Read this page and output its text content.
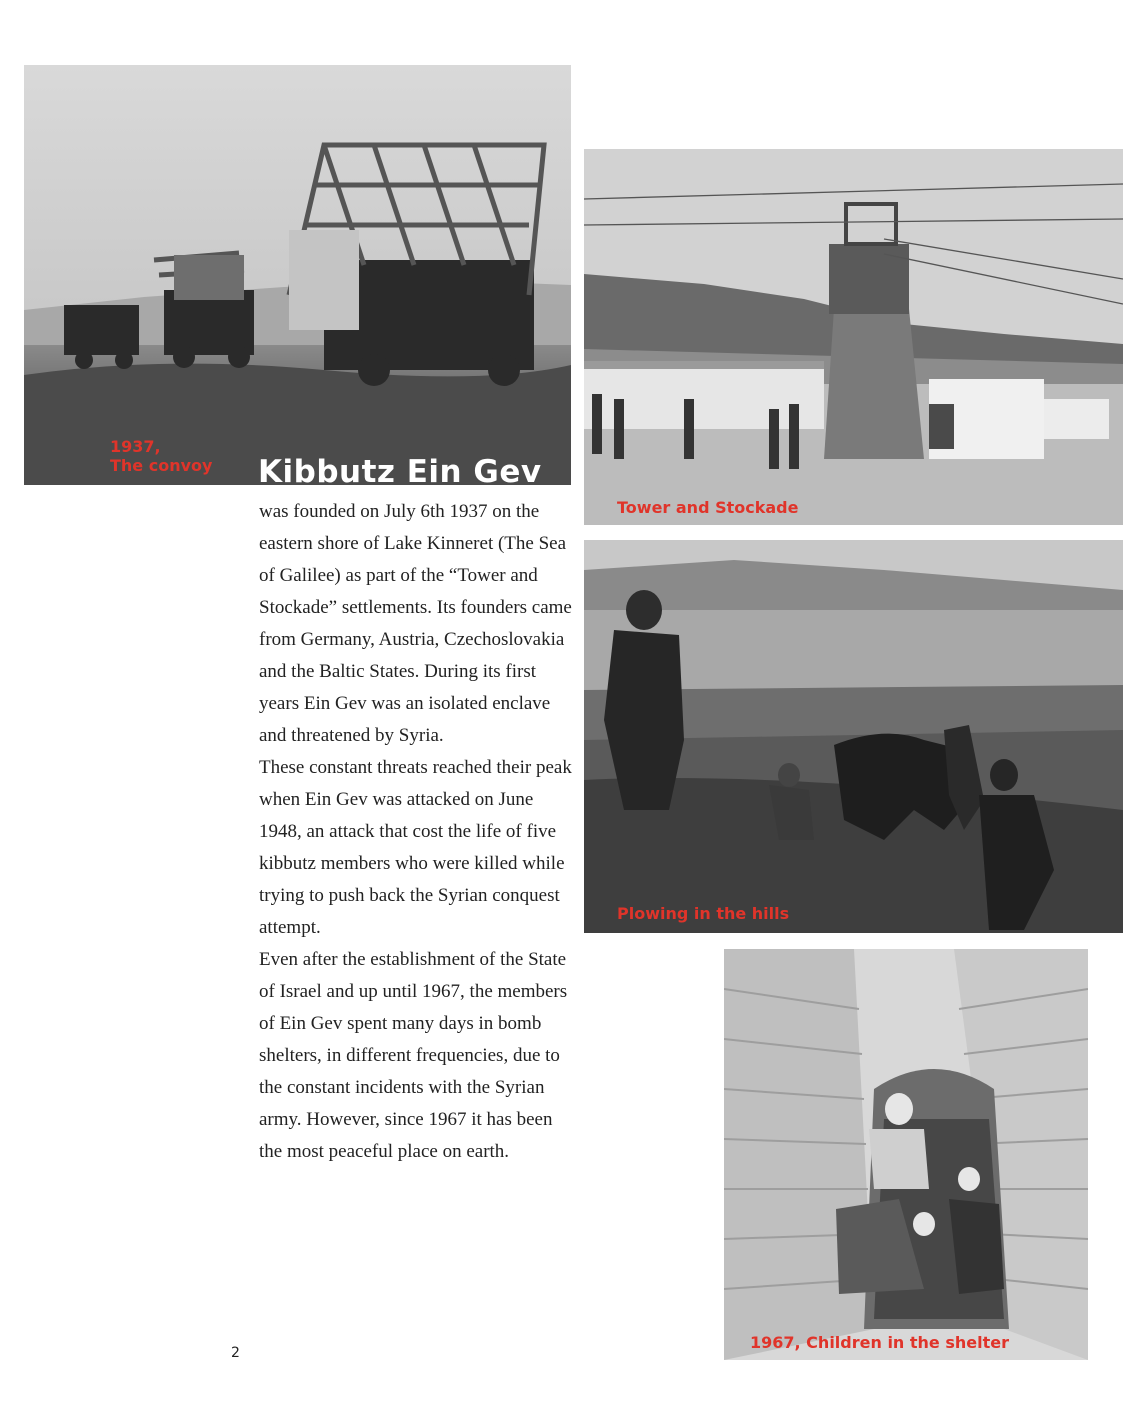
1937,
The convoy Kibbutz Ein Gev
Tower and Stockade
Plowing in the hills
1967, Children in the shelter

was founded on July 6th 1937 on the eastern shore of Lake Kinneret (The Sea of Galilee) as part of the “Tower and Stockade” settlements. Its founders came from Germany, Austria, Czechoslovakia and the Baltic States. During its first years Ein Gev was an isolated enclave and threatened by Syria.

These constant threats reached their peak when Ein Gev was attacked on June 1948, an attack that cost the life of five kibbutz members who were killed while trying to push back the Syrian conquest attempt.

Even after the establishment of the State of Israel and up until 1967, the members of Ein Gev spent many days in bomb shelters, in different frequencies, due to the constant incidents with the Syrian army. However, since 1967 it has been the most peaceful place on earth.

2
